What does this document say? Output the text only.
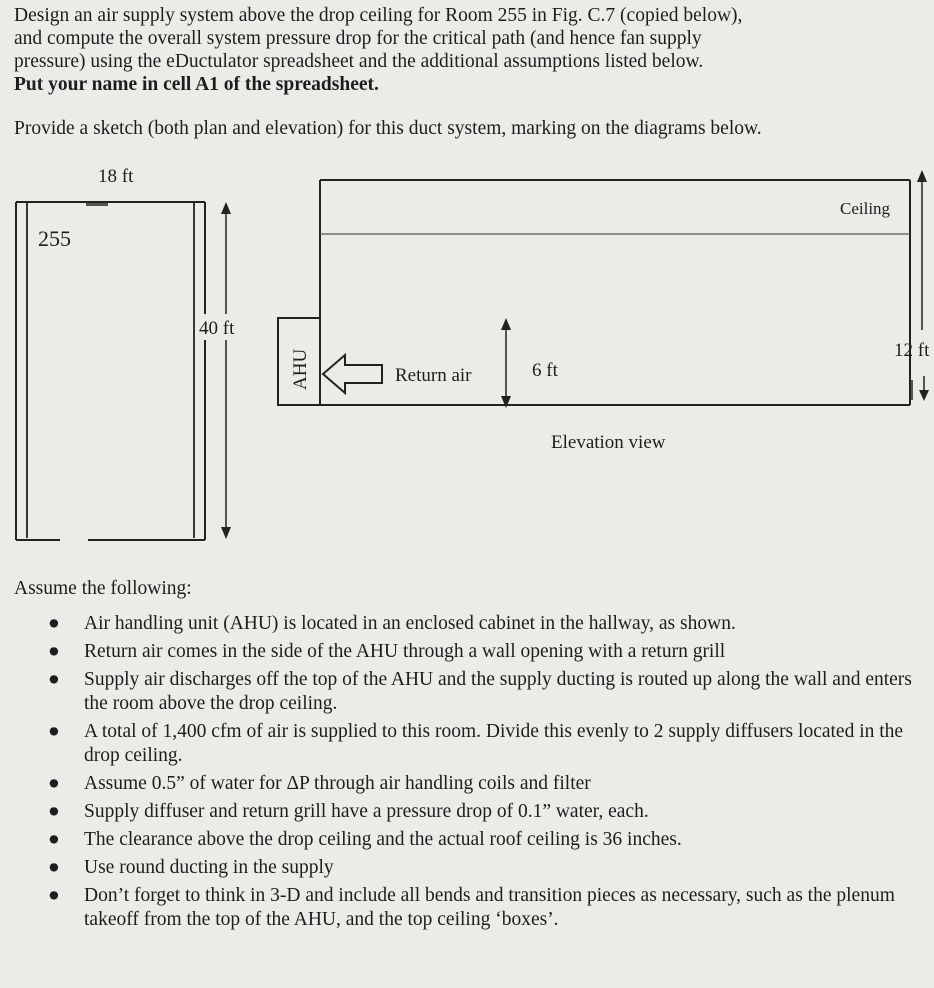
Design an air supply system above the drop ceiling for Room 255 in Fig. C.7 (copied below),

and compute the overall system pressure drop for the critical path (and hence fan supply

pressure) using the eDuctulator spreadsheet and the additional assumptions listed below.

Put your name in cell A1 of the spreadsheet.

Provide a sketch (both plan and elevation) for this duct system, marking on the diagrams below.
18 ft
255
40 ft
Ceiling
AHU	Return air	6 ft
12 ft
Elevation view
Assume the following:
● Air handling unit (AHU) is located in an enclosed cabinet in the hallway, as shown.
● Return air comes in the side of the AHU through a wall opening with a return grill
● Supply air discharges off the top of the AHU and the supply ducting is routed up along the wall and enters the room above the drop ceiling.
● A total of 1,400 cfm of air is supplied to this room. Divide this evenly to 2 supply diffusers located in the drop ceiling.
● Assume 0.5” of water for ΔP through air handling coils and filter
● Supply diffuser and return grill have a pressure drop of 0.1” water, each.
● The clearance above the drop ceiling and the actual roof ceiling is 36 inches.
● Use round ducting in the supply
● Don’t forget to think in 3-D and include all bends and transition pieces as necessary, such as the plenum takeoff from the top of the AHU, and the top ceiling ‘boxes’.
